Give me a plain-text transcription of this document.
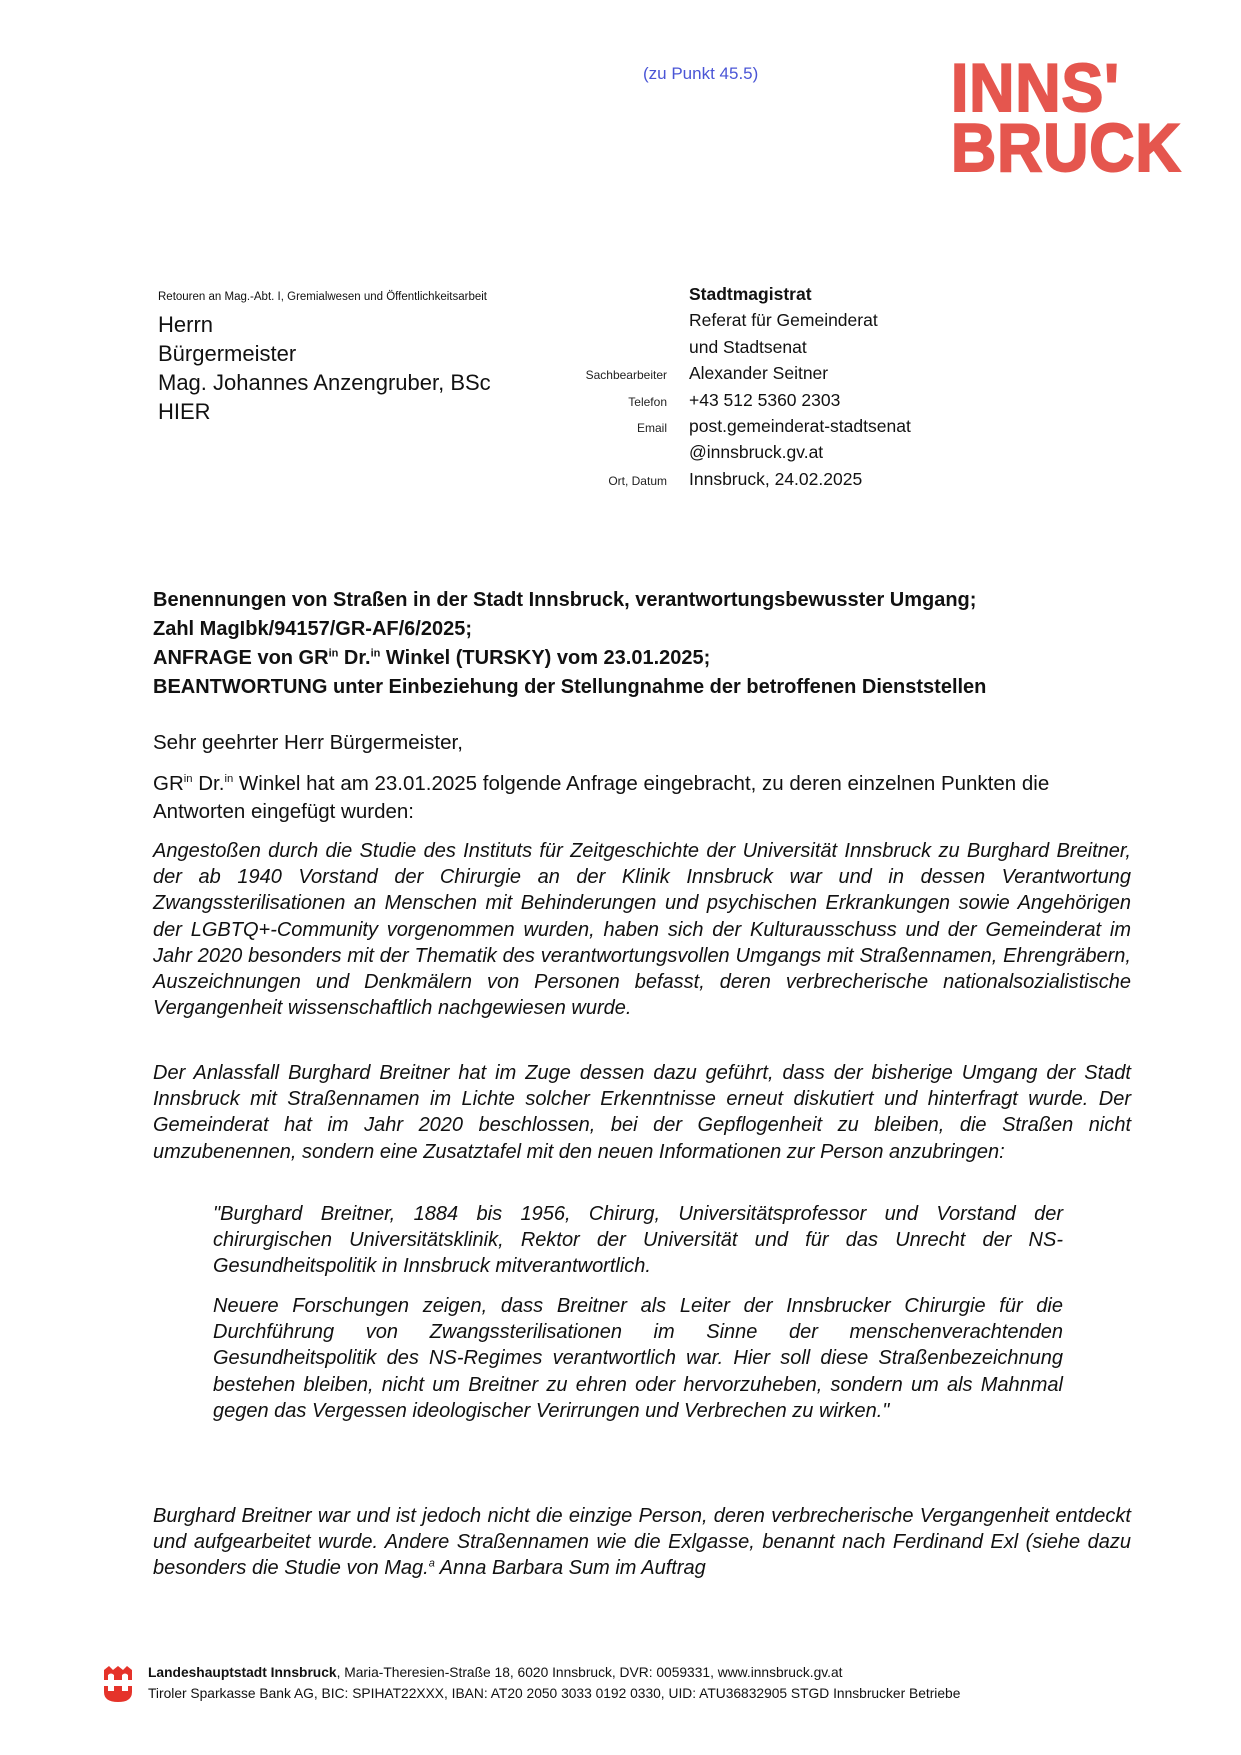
(zu Punkt 45.5)	INNS'
BRUCK
Retouren an Mag.-Abt. I, Gremialwesen und Öffentlichkeitsarbeit
Herrn
Bürgermeister
Mag. Johannes Anzengruber, BSc
HIER
Stadtmagistrat
Referat für Gemeinderat
und Stadtsenat
Sachbearbeiter	Alexander Seitner
Telefon	+43 512 5360 2303
Email	post.gemeinderat-stadtsenat
@innsbruck.gv.at
Ort, Datum	Innsbruck, 24.02.2025
Benennungen von Straßen in der Stadt Innsbruck, verantwortungsbewusster Umgang;
Zahl MagIbk/94157/GR-AF/6/2025;
ANFRAGE von $GR^{in}$ Dr.$^{in}$ Winkel (TURSKY) vom 23.01.2025;
BEANTWORTUNG unter Einbeziehung der Stellungnahme der betroffenen Dienststellen
Sehr geehrter Herr Bürgermeister,
$GR^{in}$ Dr.$^{in}$ Winkel hat am 23.01.2025 folgende Anfrage eingebracht, zu deren einzelnen Punkten die Antworten eingefügt wurden:
Angestoßen durch die Studie des Instituts für Zeitgeschichte der Universität Innsbruck zu Burghard Breitner, der ab 1940 Vorstand der Chirurgie an der Klinik Innsbruck war und in dessen Verantwortung Zwangssterilisationen an Menschen mit Behinderungen und psychischen Erkrankungen sowie Angehörigen der LGBTQ+-Community vorgenommen wurden, haben sich der Kulturausschuss und der Gemeinderat im Jahr 2020 besonders mit der Thematik des verantwortungsvollen Umgangs mit Straßennamen, Ehrengräbern, Auszeichnungen und Denkmälern von Personen befasst, deren verbrecherische nationalsozialistische Vergangenheit wissenschaftlich nachgewiesen wurde.
Der Anlassfall Burghard Breitner hat im Zuge dessen dazu geführt, dass der bisherige Umgang der Stadt Innsbruck mit Straßennamen im Lichte solcher Erkenntnisse erneut diskutiert und hinterfragt wurde. Der Gemeinderat hat im Jahr 2020 beschlossen, bei der Gepflogenheit zu bleiben, die Straßen nicht umzubenennen, sondern eine Zusatztafel mit den neuen Informationen zur Person anzubringen:
"Burghard Breitner, 1884 bis 1956, Chirurg, Universitätsprofessor und Vorstand der chirurgischen Universitätsklinik, Rektor der Universität und für das Unrecht der NS-Gesundheitspolitik in Innsbruck mitverantwortlich.
Neuere Forschungen zeigen, dass Breitner als Leiter der Innsbrucker Chirurgie für die Durchführung von Zwangssterilisationen im Sinne der menschenverachtenden Gesundheitspolitik des NS-Regimes verantwortlich war. Hier soll diese Straßenbezeichnung bestehen bleiben, nicht um Breitner zu ehren oder hervorzuheben, sondern um als Mahnmal gegen das Vergessen ideologischer Verirrungen und Verbrechen zu wirken."
Burghard Breitner war und ist jedoch nicht die einzige Person, deren verbrecherische Vergangenheit entdeckt und aufgearbeitet wurde. Andere Straßennamen wie die Exlgasse, benannt nach Ferdinand Exl (siehe dazu besonders die Studie von Mag.$^a$ Anna Barbara Sum im Auftrag
Landeshauptstadt Innsbruck, Maria-Theresien-Straße 18, 6020 Innsbruck, DVR: 0059331, www.innsbruck.gv.at
Tiroler Sparkasse Bank AG, BIC: SPIHAT22XXX, IBAN: AT20 2050 3033 0192 0330, UID: ATU36832905 STGD Innsbrucker Betriebe
